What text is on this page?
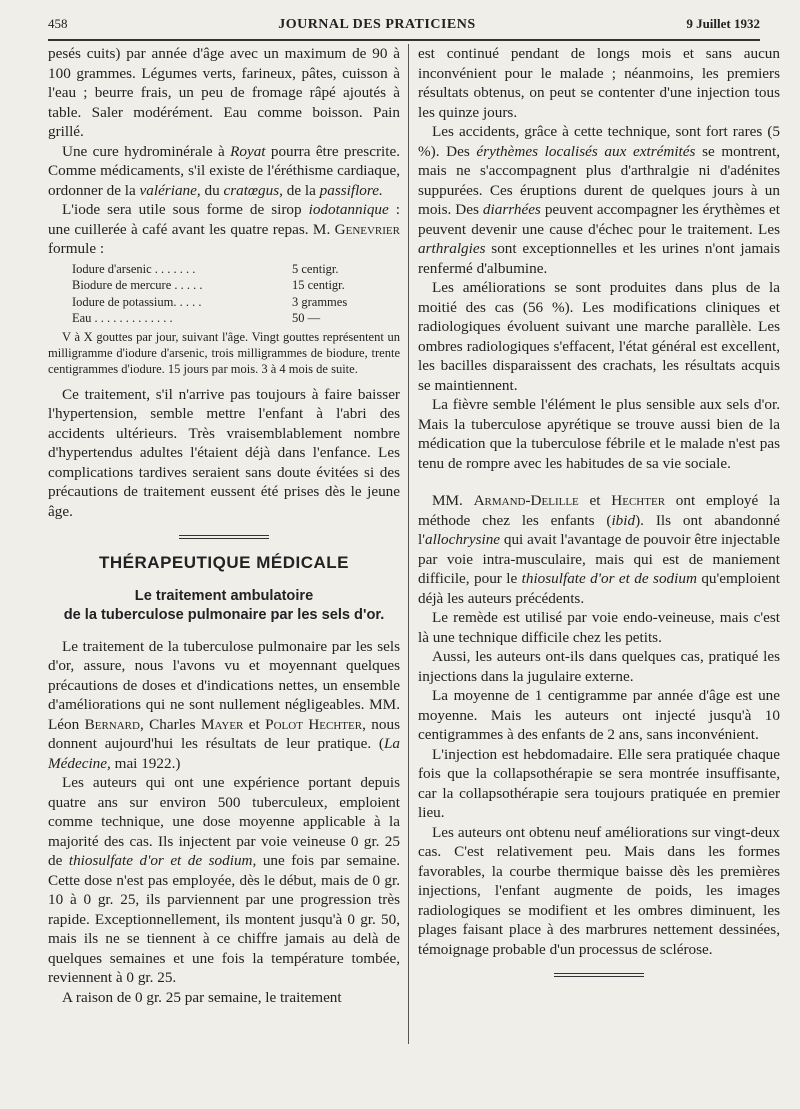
458	JOURNAL DES PRATICIENS	9 Juillet 1932

pesés cuits) par année d'âge avec un maximum de 90 à 100 grammes. Légumes verts, farineux, pâtes, cuisson à l'eau ; beurre frais, un peu de fromage râpé ajoutés à table. Saler modérément. Eau comme boisson. Pain grillé.

Une cure hydrominérale à Royat pourra être prescrite. Comme médicaments, s'il existe de l'éréthisme cardiaque, ordonner de la valériane, du cratœgus, de la passiflore.

L'iode sera utile sous forme de sirop iodotannique : une cuillerée à café avant les quatre repas. M. Genevrier formule :

Iodure d'arsenic . . . . . . .	5 centigr.
Biodure de mercure . . . . .	15 centigr.
Iodure de potassium. . . . .	3 grammes
Eau . . . . . . . . . . . . .	50 —
V à X gouttes par jour, suivant l'âge. Vingt gouttes représentent un milligramme d'iodure d'arsenic, trois milligrammes de biodure, trente centigrammes d'iodure. 15 jours par mois. 3 à 4 mois de suite.

Ce traitement, s'il n'arrive pas toujours à faire baisser l'hypertension, semble mettre l'enfant à l'abri des accidents ultérieurs. Très vraisemblablement nombre d'hypertendus adultes l'étaient déjà dans l'enfance. Les complications tardives seraient sans doute évitées si des précautions de traitement eussent été prises dès le jeune âge.

THÉRAPEUTIQUE MÉDICALE
Le traitement ambulatoire
de la tuberculose pulmonaire par les sels d'or.

Le traitement de la tuberculose pulmonaire par les sels d'or, assure, nous l'avons vu et moyennant quelques précautions de doses et d'indications nettes, un ensemble d'améliorations qui ne sont nullement négligeables. MM. Léon Bernard, Charles Mayer et Polot Hechter, nous donnent aujourd'hui les résultats de leur pratique. (La Médecine, mai 1922.)

Les auteurs qui ont une expérience portant depuis quatre ans sur environ 500 tuberculeux, emploient comme technique, une dose moyenne applicable à la majorité des cas. Ils injectent par voie veineuse 0 gr. 25 de thiosulfate d'or et de sodium, une fois par semaine. Cette dose n'est pas employée, dès le début, mais de 0 gr. 10 à 0 gr. 25, ils parviennent par une progression très rapide. Exceptionnellement, ils montent jusqu'à 0 gr. 50, mais ils ne se tiennent à ce chiffre jamais au delà de quelques semaines et une fois la température tombée, reviennent à 0 gr. 25.

A raison de 0 gr. 25 par semaine, le traitement

est continué pendant de longs mois et sans aucun inconvénient pour le malade ; néanmoins, les premiers résultats obtenus, on peut se contenter d'une injection tous les quinze jours.

Les accidents, grâce à cette technique, sont fort rares (5 %). Des érythèmes localisés aux extrémités se montrent, mais ne s'accompagnent plus d'arthralgie ni d'adénites suppurées. Ces éruptions durent de quelques jours à un mois. Des diarrhées peuvent accompagner les érythèmes et peuvent devenir une cause d'échec pour le traitement. Les arthralgies sont exceptionnelles et les urines n'ont jamais renfermé d'albumine.

Les améliorations se sont produites dans plus de la moitié des cas (56 %). Les modifications cliniques et radiologiques évoluent suivant une marche parallèle. Les ombres radiologiques s'effacent, l'état général est excellent, les bacilles disparaissent des crachats, les résultats acquis se maintiennent.

La fièvre semble l'élément le plus sensible aux sels d'or. Mais la tuberculose apyrétique se trouve aussi bien de la médication que la tuberculose fébrile et le malade n'est pas tenu de rompre avec les habitudes de sa vie sociale.

MM. Armand-Delille et Hechter ont employé la méthode chez les enfants (ibid). Ils ont abandonné l'allochrysine qui avait l'avantage de pouvoir être injectable par voie intra-musculaire, mais qui est de maniement difficile, pour le thiosulfate d'or et de sodium qu'emploient déjà les auteurs précédents.

Le remède est utilisé par voie endo-veineuse, mais c'est là une technique difficile chez les petits.

Aussi, les auteurs ont-ils dans quelques cas, pratiqué les injections dans la jugulaire externe.

La moyenne de 1 centigramme par année d'âge est une moyenne. Mais les auteurs ont injecté jusqu'à 10 centigrammes à des enfants de 2 ans, sans inconvénient.

L'injection est hebdomadaire. Elle sera pratiquée chaque fois que la collapsothérapie se sera montrée insuffisante, car la collapsothérapie sera toujours pratiquée en premier lieu.

Les auteurs ont obtenu neuf améliorations sur vingt-deux cas. C'est relativement peu. Mais dans les formes favorables, la courbe thermique baisse dès les premières injections, l'enfant augmente de poids, les images radiologiques se modifient et les ombres diminuent, les plages faisant place à des marbrures nettement dessinées, témoignage probable d'un processus de sclérose.
